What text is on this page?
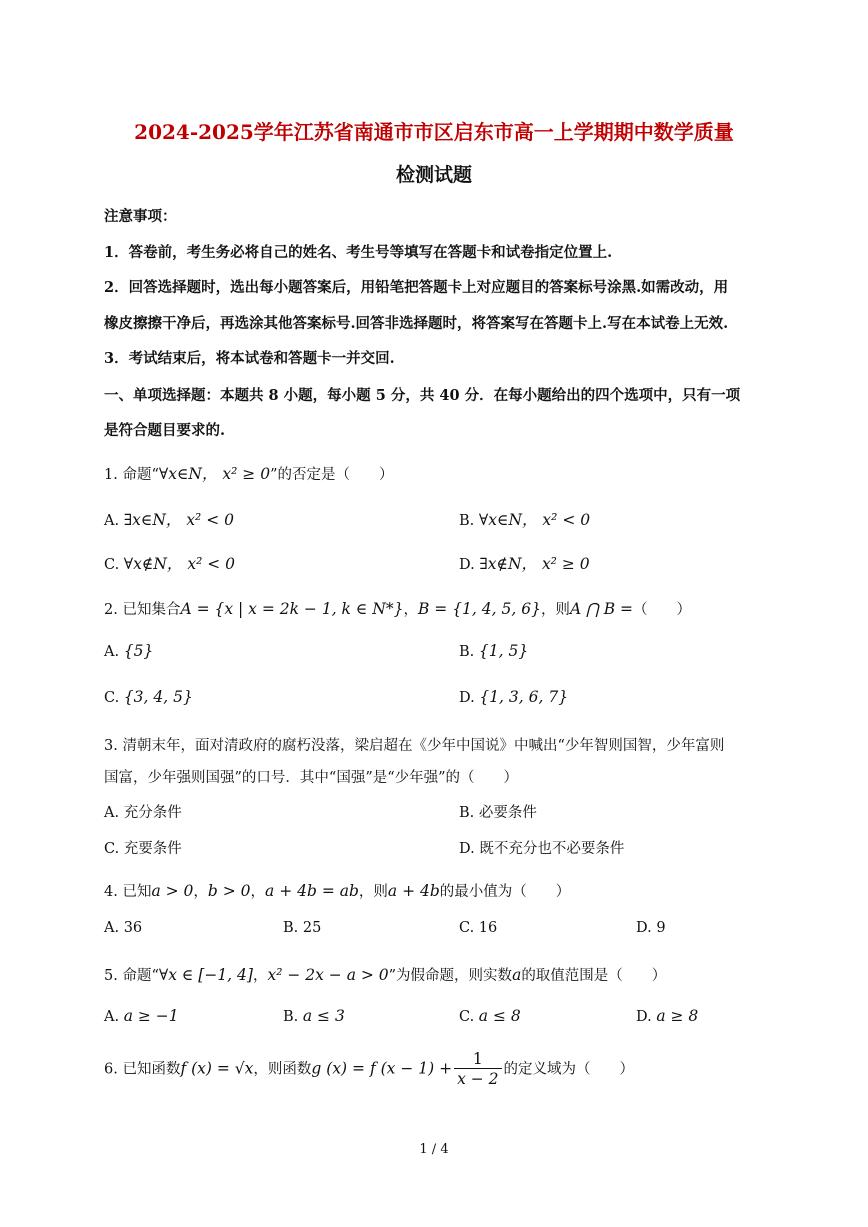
2024-2025学年江苏省南通市市区启东市高一上学期期中数学质量
检测试题
注意事项：
1．答卷前，考生务必将自己的姓名、考生号等填写在答题卡和试卷指定位置上.
2．回答选择题时，选出每小题答案后，用铅笔把答题卡上对应题目的答案标号涂黑.如需改动，用
橡皮擦擦干净后，再选涂其他答案标号.回答非选择题时，将答案写在答题卡上.写在本试卷上无效.
3．考试结束后，将本试卷和答题卡一并交回.
一、单项选择题：本题共 8 小题，每小题 5 分，共 40 分．在每小题给出的四个选项中，只有一项
是符合题目要求的.
1. 命题“∀x∈N， x² ≥ 0”的否定是（　　）
A. ∃x∈N， x² < 0	B. ∀x∈N， x² < 0
C. ∀x∉N， x² < 0	D. ∃x∉N， x² ≥ 0
2. 已知集合A = {x | x = 2k − 1, k ∈ N*}，B = {1, 4, 5, 6}，则A ⋂ B =（　　）
A. {5}	B. {1, 5}
C. {3, 4, 5}	D. {1, 3, 6, 7}
3. 清朝末年，面对清政府的腐朽没落，梁启超在《少年中国说》中喊出“少年智则国智，少年富则
国富，少年强则国强”的口号．其中“国强”是“少年强”的（　　）
A. 充分条件	B. 必要条件
C. 充要条件	D. 既不充分也不必要条件
4. 已知a > 0，b > 0，a + 4b = ab，则a + 4b的最小值为（　　）
A. 36	B. 25	C. 16	D. 9
5. 命题“∀x ∈ [−1, 4]，x² − 2x − a > 0”为假命题，则实数a的取值范围是（　　）
A. a ≥ −1	B. a ≤ 3	C. a ≤ 8	D. a ≥ 8
6. 已知函数f (x) = √x，则函数g (x) = f $(x - 1) + \frac{1}{x - 2}$ 的定义域为（　　）
1 / 4
